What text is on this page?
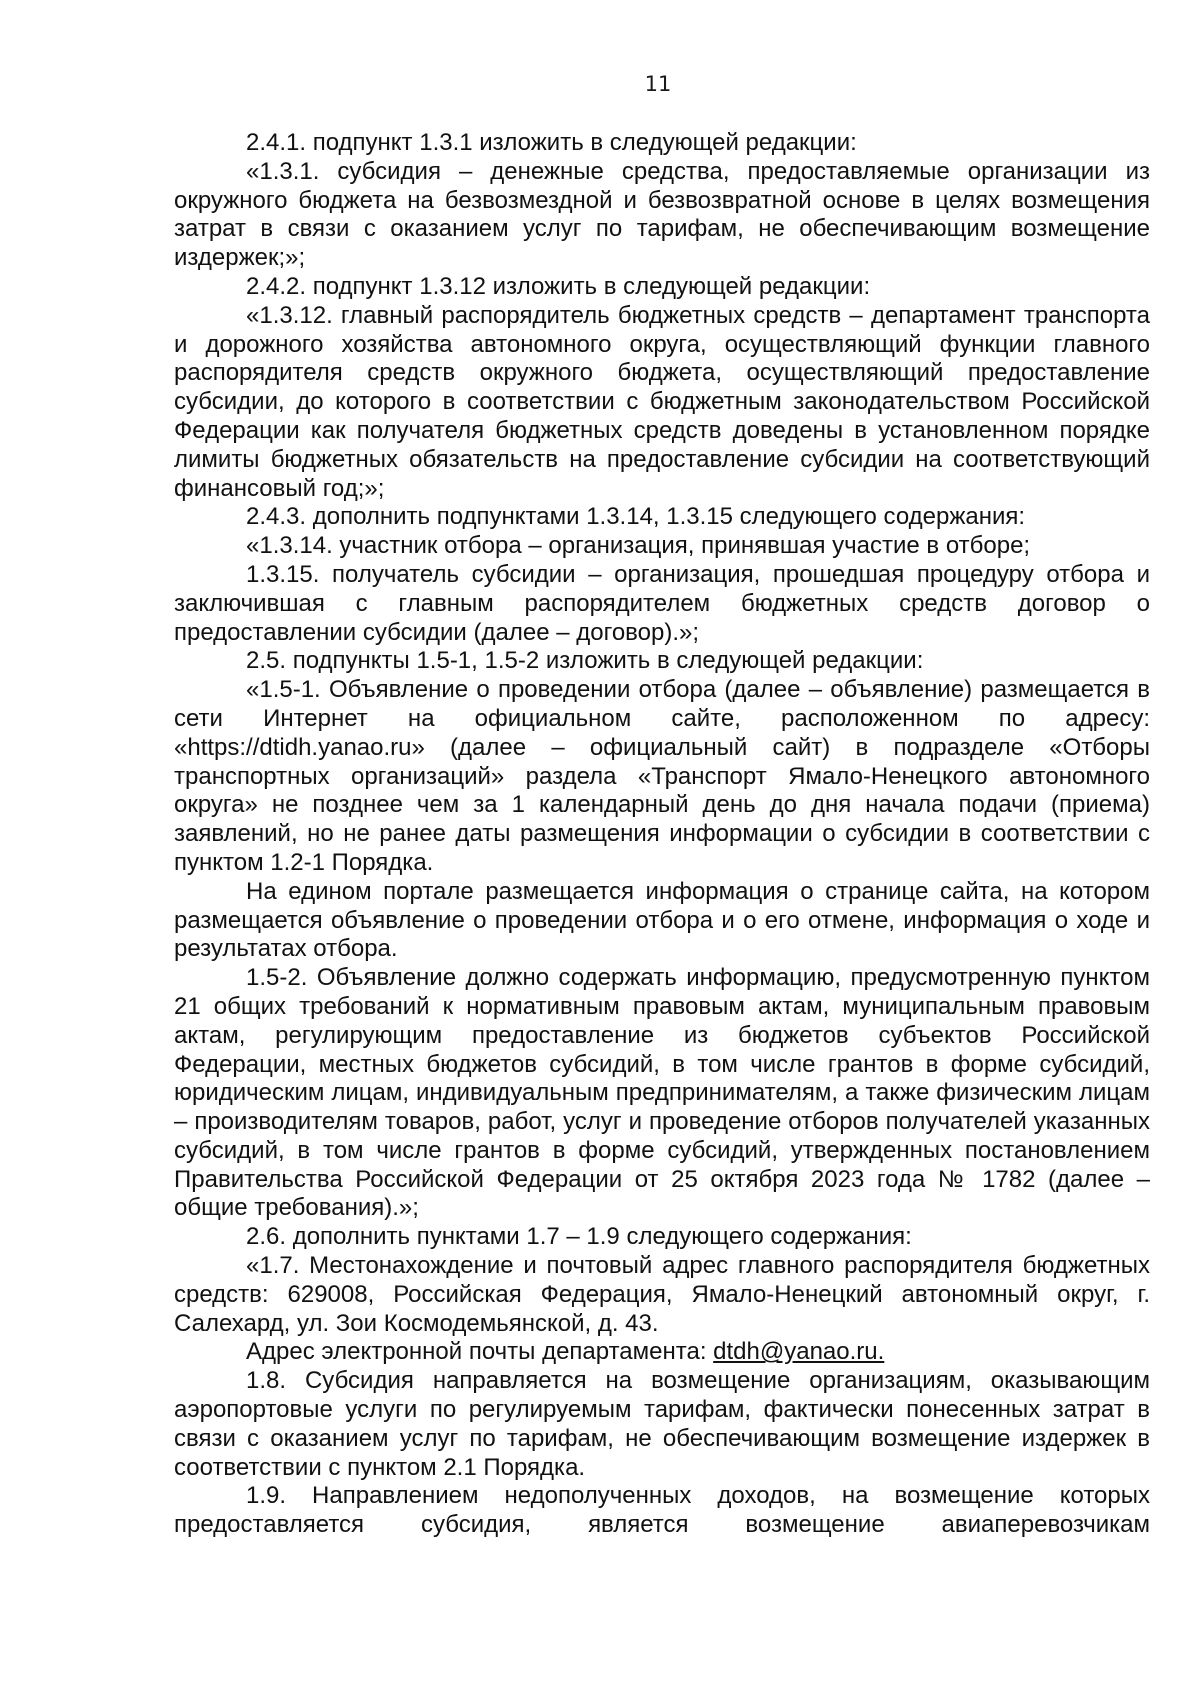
11

2.4.1. подпункт 1.3.1 изложить в следующей редакции:

«1.3.1. субсидия – денежные средства, предоставляемые организации из окружного бюджета на безвозмездной и безвозвратной основе в целях возмещения затрат в связи с оказанием услуг по тарифам, не обеспечивающим возмещение издержек;»;

2.4.2. подпункт 1.3.12 изложить в следующей редакции:

«1.3.12. главный распорядитель бюджетных средств – департамент транспорта и дорожного хозяйства автономного округа, осуществляющий функции главного распорядителя средств окружного бюджета, осуществляющий предоставление субсидии, до которого в соответствии с бюджетным законодательством Российской Федерации как получателя бюджетных средств доведены в установленном порядке лимиты бюджетных обязательств на предоставление субсидии на соответствующий финансовый год;»;

2.4.3. дополнить подпунктами 1.3.14, 1.3.15 следующего содержания:

«1.3.14. участник отбора – организация, принявшая участие в отборе;

1.3.15. получатель субсидии – организация, прошедшая процедуру отбора и заключившая с главным распорядителем бюджетных средств договор о предоставлении субсидии (далее – договор).»;

2.5. подпункты 1.5-1, 1.5-2 изложить в следующей редакции:

«1.5-1. Объявление о проведении отбора (далее – объявление) размещается в сети Интернет на официальном сайте, расположенном по адресу: «https://dtidh.yanao.ru» (далее – официальный сайт) в подразделе «Отборы транспортных организаций» раздела «Транспорт Ямало-Ненецкого автономного округа» не позднее чем за 1 календарный день до дня начала подачи (приема) заявлений, но не ранее даты размещения информации о субсидии в соответствии с пунктом 1.2-1 Порядка.

На едином портале размещается информация о странице сайта, на котором размещается объявление о проведении отбора и о его отмене, информация о ходе и результатах отбора.

1.5-2. Объявление должно содержать информацию, предусмотренную пунктом 21 общих требований к нормативным правовым актам, муниципальным правовым актам, регулирующим предоставление из бюджетов субъектов Российской Федерации, местных бюджетов субсидий, в том числе грантов в форме субсидий, юридическим лицам, индивидуальным предпринимателям, а также физическим лицам – производителям товаров, работ, услуг и проведение отборов получателей указанных субсидий, в том числе грантов в форме субсидий, утвержденных постановлением Правительства Российской Федерации от 25 октября 2023 года № 1782 (далее – общие требования).»;

2.6. дополнить пунктами 1.7 – 1.9 следующего содержания:

«1.7. Местонахождение и почтовый адрес главного распорядителя бюджетных средств: 629008, Российская Федерация, Ямало-Ненецкий автономный округ, г. Салехард, ул. Зои Космодемьянской, д. 43.

Адрес электронной почты департамента: dtdh@yanao.ru.

1.8. Субсидия направляется на возмещение организациям, оказывающим аэропортовые услуги по регулируемым тарифам, фактически понесенных затрат в связи с оказанием услуг по тарифам, не обеспечивающим возмещение издержек в соответствии с пунктом 2.1 Порядка.

1.9. Направлением недополученных доходов, на возмещение которых предоставляется субсидия, является возмещение авиаперевозчикам
